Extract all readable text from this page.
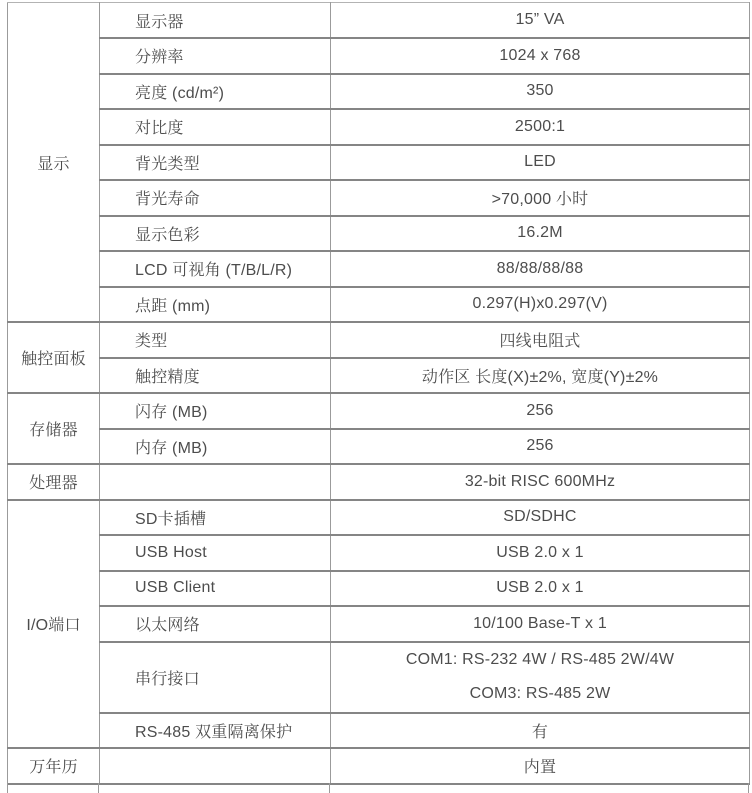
显示	显示器	15” VA
	分辨率	1024 x 768
	亮度 (cd/m²)	350
	对比度	2500:1
	背光类型	LED
	背光寿命	>70,000 小时
	显示色彩	16.2M
	LCD 可视角 (T/B/L/R)	88/88/88/88
	点距 (mm)	0.297(H)x0.297(V)
触控面板	类型	四线电阻式
	触控精度	动作区 长度(X)±2%, 宽度(Y)±2%
存储器	闪存 (MB)	256
	内存 (MB)	256
处理器		32-bit RISC 600MHz
I/O端口	SD卡插槽	SD/SDHC
	USB Host	USB 2.0 x 1
	USB Client	USB 2.0 x 1
	以太网络	10/100 Base-T x 1
	串行接口	COM1: RS-232 4W / RS-485 2W/4W
COM3: RS-485 2W

	RS-485 双重隔离保护	有
万年历		内置
